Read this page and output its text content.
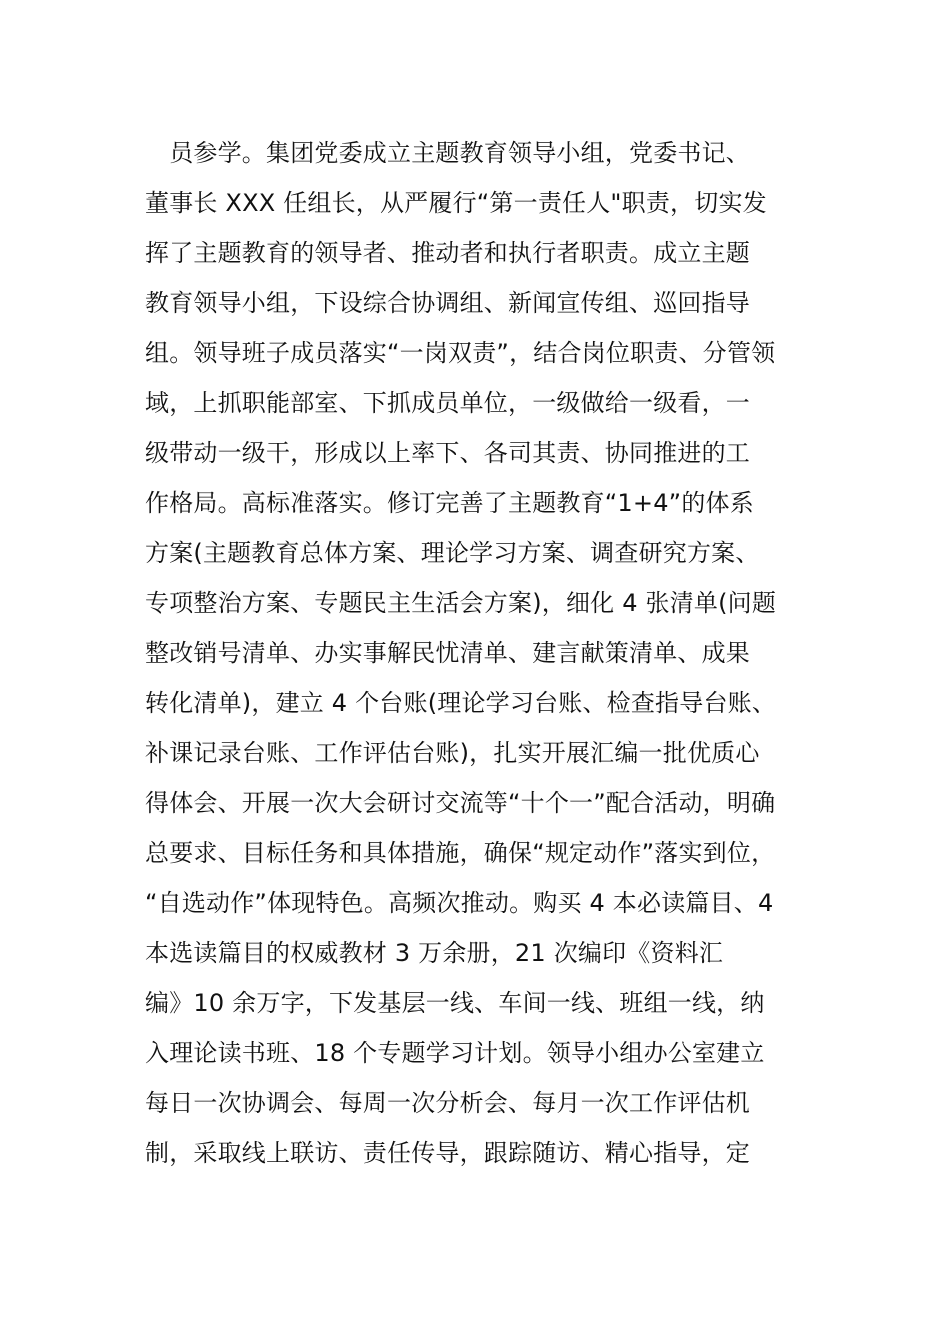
　员参学。集团党委成立主题教育领导小组，党委书记、
董事长 XXX 任组长，从严履行“第一责任人"职责，切实发
挥了主题教育的领导者、推动者和执行者职责。成立主题
教育领导小组，下设综合协调组、新闻宣传组、巡回指导
组。领导班子成员落实“一岗双责”，结合岗位职责、分管领
域，上抓职能部室、下抓成员单位，一级做给一级看，一
级带动一级干，形成以上率下、各司其责、协同推进的工
作格局。高标准落实。修订完善了主题教育“1+4”的体系
方案(主题教育总体方案、理论学习方案、调查研究方案、
专项整治方案、专题民主生活会方案)，细化 4 张清单(问题
整改销号清单、办实事解民忧清单、建言献策清单、成果
转化清单)，建立 4 个台账(理论学习台账、检查指导台账、
补课记录台账、工作评估台账)，扎实开展汇编一批优质心
得体会、开展一次大会研讨交流等“十个一”配合活动，明确
总要求、目标任务和具体措施，确保“规定动作”落实到位，
“自选动作”体现特色。高频次推动。购买 4 本必读篇目、4
本选读篇目的权威教材 3 万余册，21 次编印《资料汇
编》10 余万字，下发基层一线、车间一线、班组一线，纳
入理论读书班、18 个专题学习计划。领导小组办公室建立
每日一次协调会、每周一次分析会、每月一次工作评估机
制，采取线上联访、责任传导，跟踪随访、精心指导，定
